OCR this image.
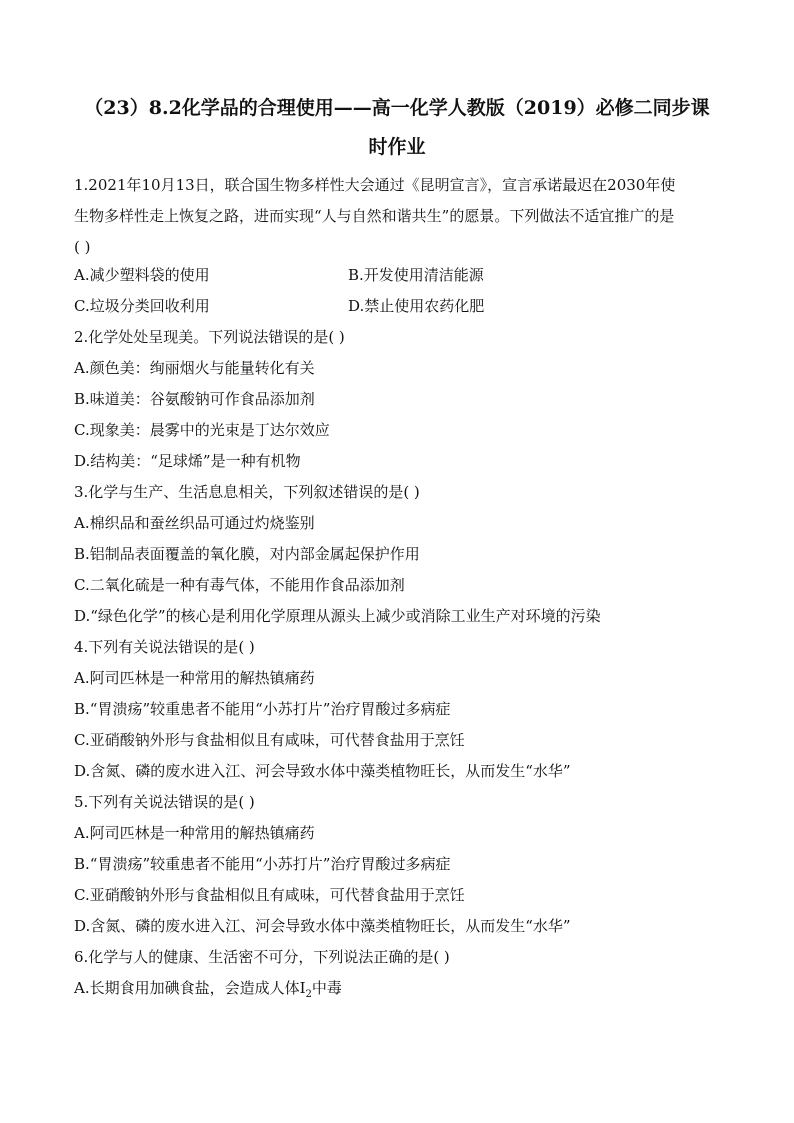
（23）8.2化学品的合理使用——高一化学人教版（2019）必修二同步课
时作业
1.2021年10月13日，联合国生物多样性大会通过《昆明宣言》，宣言承诺最迟在2030年使
生物多样性走上恢复之路，进而实现“人与自然和谐共生”的愿景。下列做法不适宜推广的是
( )
A.减少塑料袋的使用	B.开发使用清洁能源
C.垃圾分类回收利用	D.禁止使用农药化肥
2.化学处处呈现美。下列说法错误的是( )
A.颜色美：绚丽烟火与能量转化有关
B.味道美：谷氨酸钠可作食品添加剂
C.现象美：晨雾中的光束是丁达尔效应
D.结构美：“足球烯”是一种有机物
3.化学与生产、生活息息相关，下列叙述错误的是( )
A.棉织品和蚕丝织品可通过灼烧鉴别
B.铝制品表面覆盖的氧化膜，对内部金属起保护作用
C.二氧化硫是一种有毒气体，不能用作食品添加剂
D.“绿色化学”的核心是利用化学原理从源头上减少或消除工业生产对环境的污染
4.下列有关说法错误的是( )
A.阿司匹林是一种常用的解热镇痛药
B.“胃溃疡”较重患者不能用“小苏打片”治疗胃酸过多病症
C.亚硝酸钠外形与食盐相似且有咸味，可代替食盐用于烹饪
D.含氮、磷的废水进入江、河会导致水体中藻类植物旺长，从而发生“水华”
5.下列有关说法错误的是( )
A.阿司匹林是一种常用的解热镇痛药
B.“胃溃疡”较重患者不能用“小苏打片”治疗胃酸过多病症
C.亚硝酸钠外形与食盐相似且有咸味，可代替食盐用于烹饪
D.含氮、磷的废水进入江、河会导致水体中藻类植物旺长，从而发生“水华”
6.化学与人的健康、生活密不可分，下列说法正确的是( )
A.长期食用加碘食盐，会造成人体$I_2$中毒
